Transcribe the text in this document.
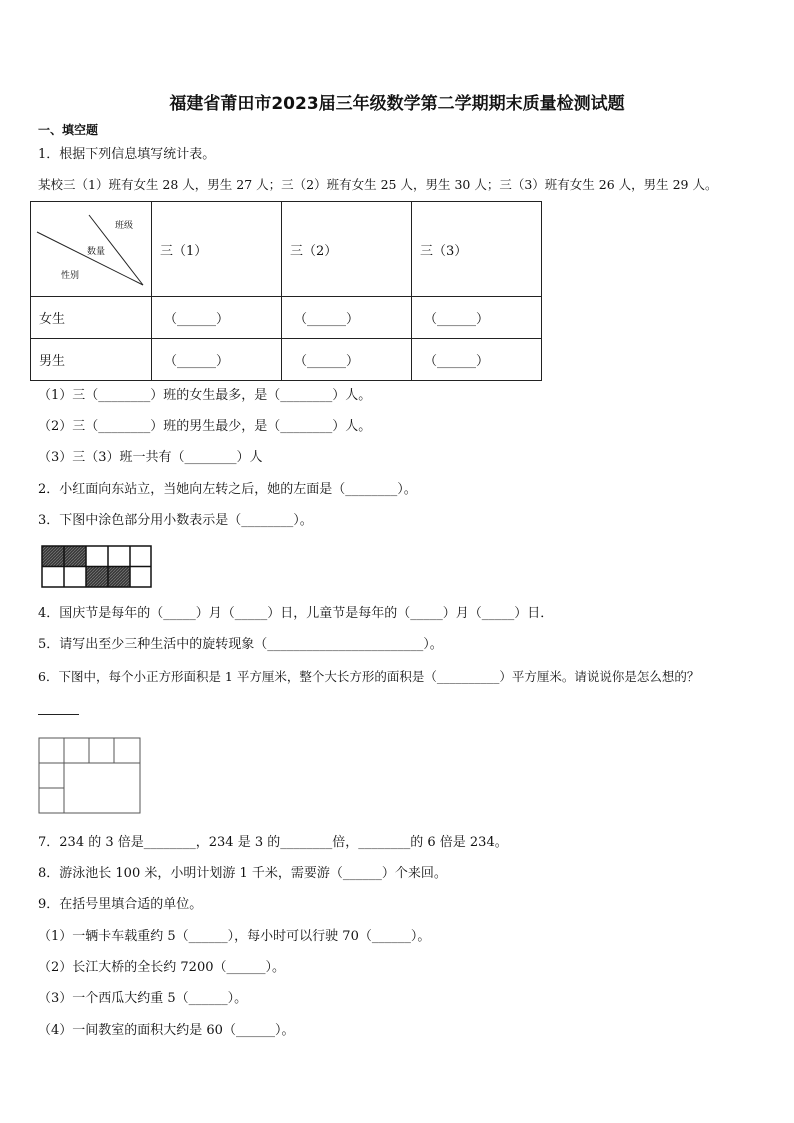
福建省莆田市2023届三年级数学第二学期期末质量检测试题
一、填空题
1．根据下列信息填写统计表。
某校三（1）班有女生 28 人，男生 27 人；三（2）班有女生 25 人，男生 30 人；三（3）班有女生 26 人，男生 29 人。
班级
数量
性别	三（1）	三（2）	三（3）
女生	（______）	（______）	（______）
男生	（______）	（______）	（______）
（1）三（________）班的女生最多，是（________）人。
（2）三（________）班的男生最少，是（________）人。
（3）三（3）班一共有（________）人
2．小红面向东站立，当她向左转之后，她的左面是（________）。
3．下图中涂色部分用小数表示是（________）。
4．国庆节是每年的（_____）月（_____）日，儿童节是每年的（_____）月（_____）日．
5．请写出至少三种生活中的旋转现象（________________________）。
6．下图中，每个小正方形面积是 1 平方厘米，整个大长方形的面积是（__________）平方厘米。请说说你是怎么想的？
7．234 的 3 倍是________，234 是 3 的________倍，________的 6 倍是 234。
8．游泳池长 100 米，小明计划游 1 千米，需要游（______）个来回。
9．在括号里填合适的单位。
（1）一辆卡车载重约 5（______），每小时可以行驶 70（______）。
（2）长江大桥的全长约 7200（______）。
（3）一个西瓜大约重 5（______）。
（4）一间教室的面积大约是 60（______）。
